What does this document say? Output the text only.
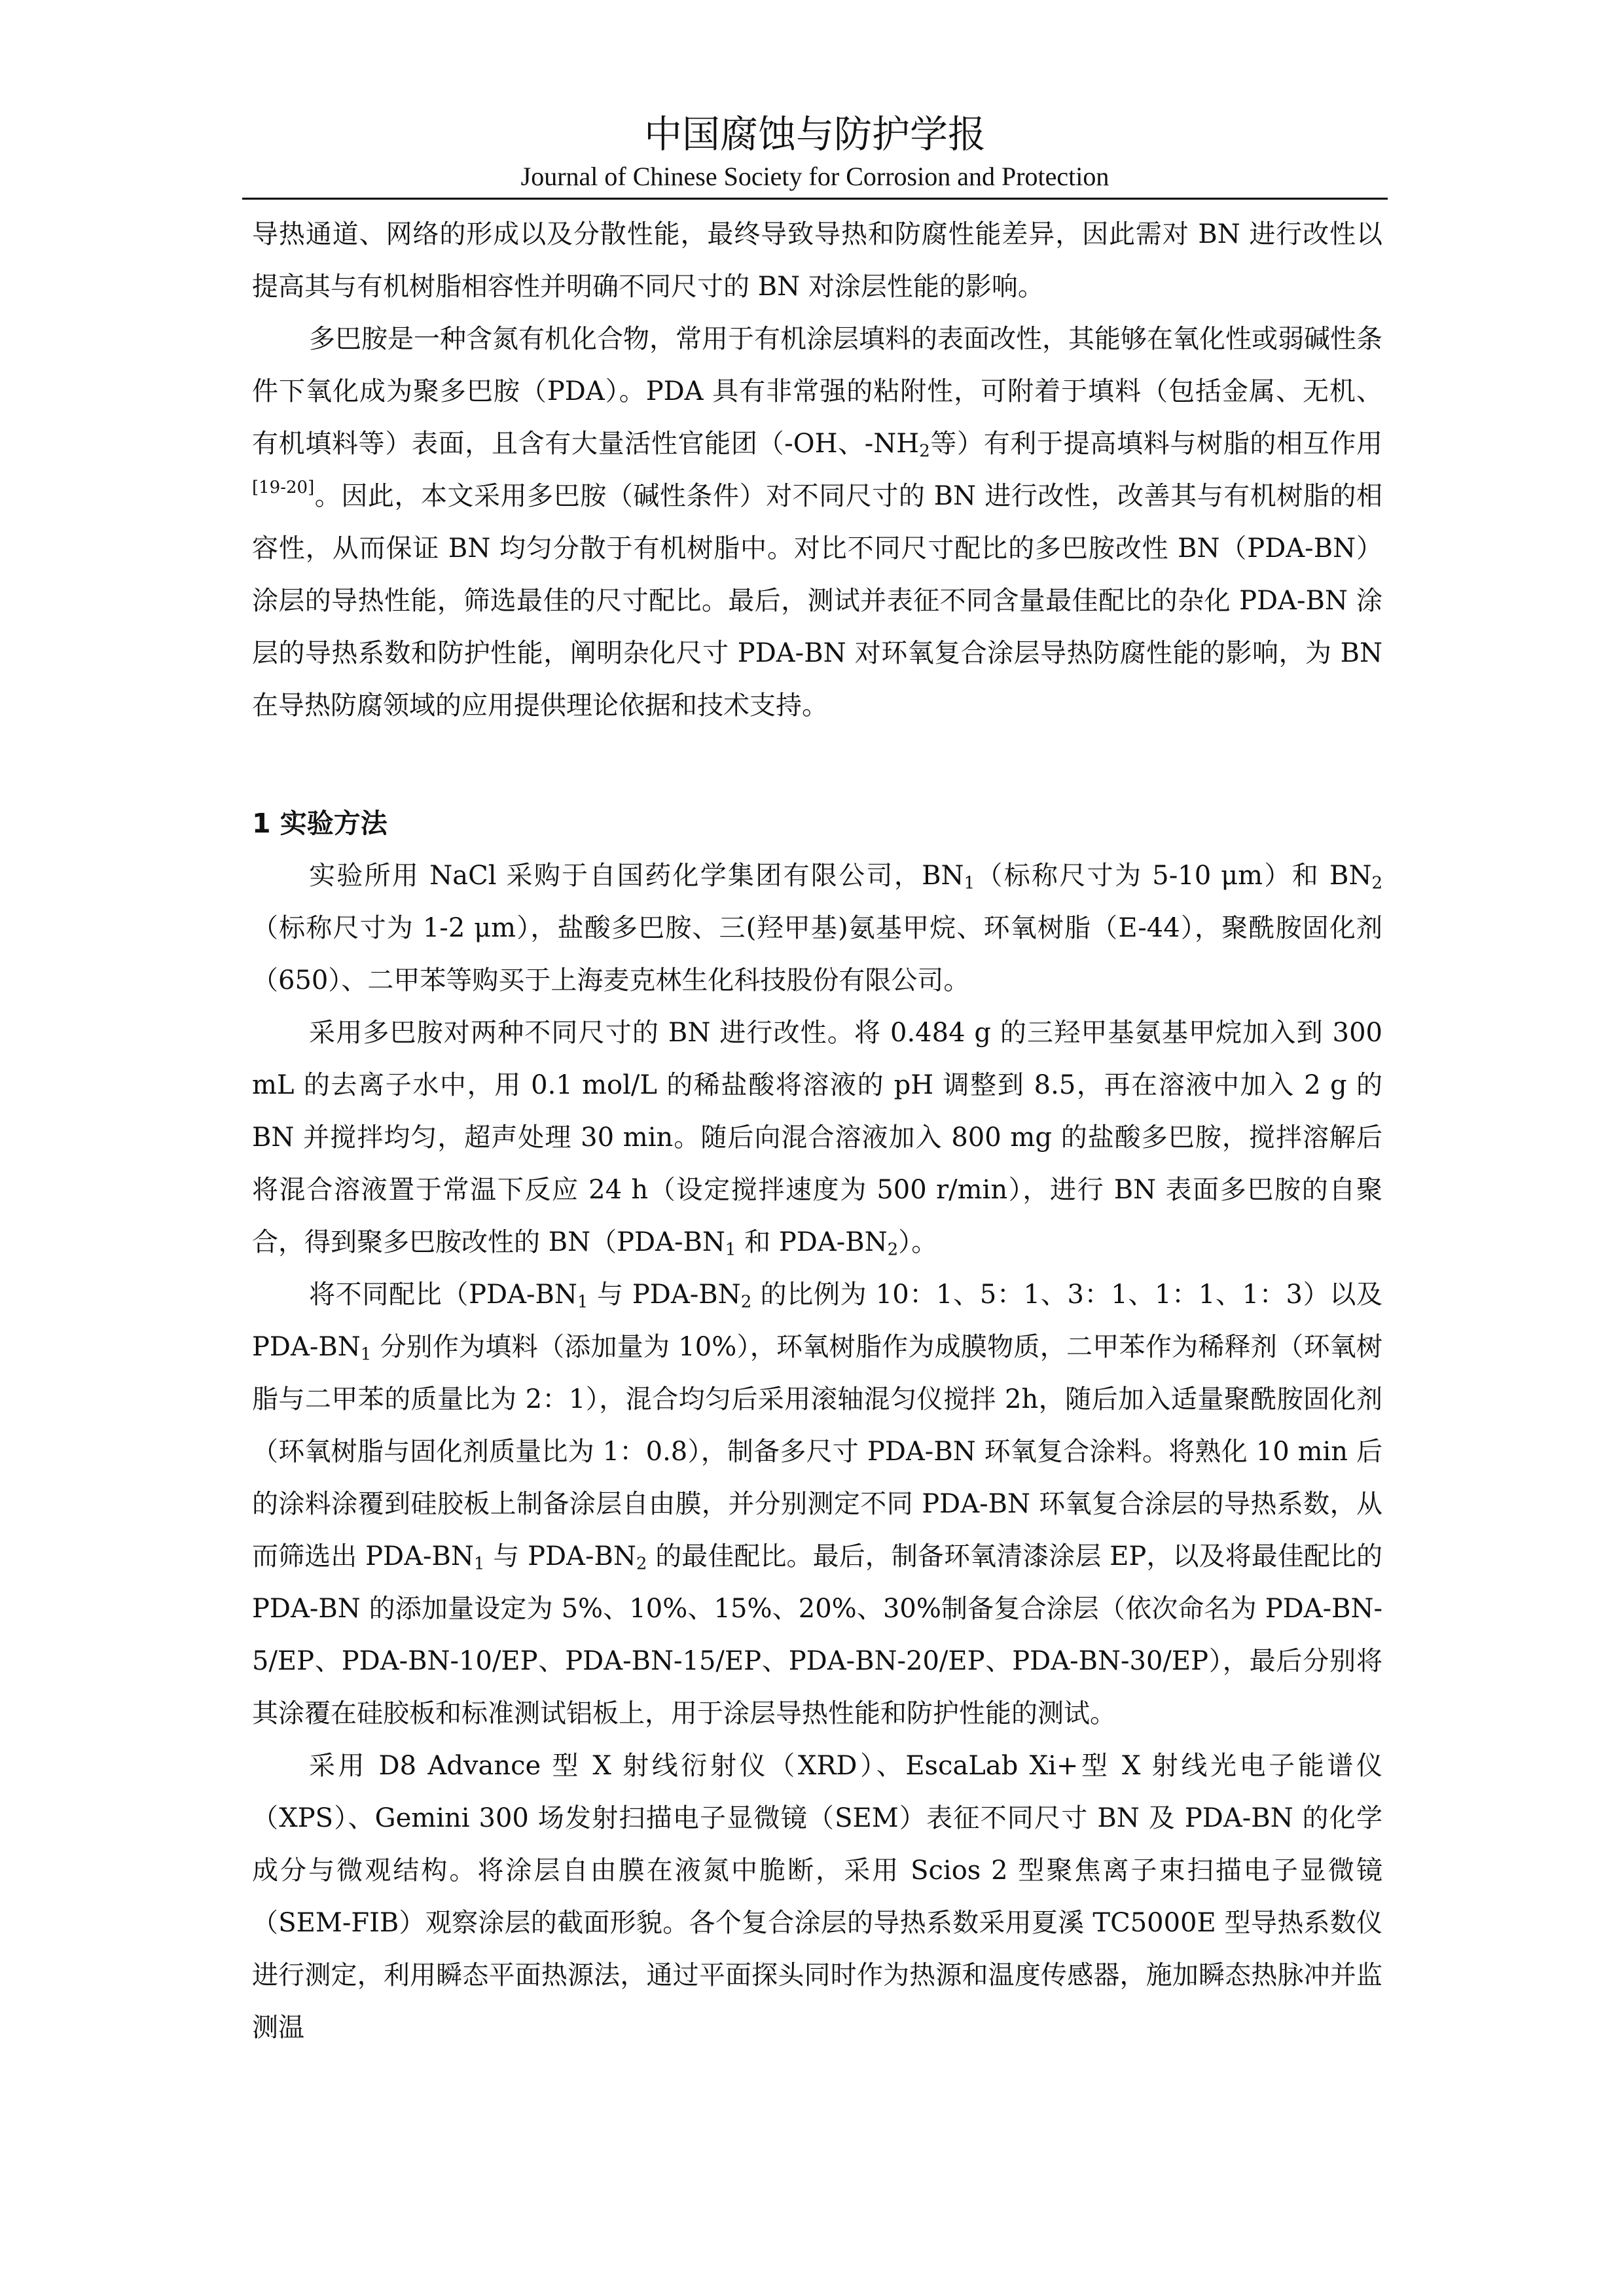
中国腐蚀与防护学报
Journal of Chinese Society for Corrosion and Protection

导热通道、网络的形成以及分散性能，最终导致导热和防腐性能差异，因此需对 BN 进行改性以提高其与有机树脂相容性并明确不同尺寸的 BN 对涂层性能的影响。

多巴胺是一种含氮有机化合物，常用于有机涂层填料的表面改性，其能够在氧化性或弱碱性条件下氧化成为聚多巴胺（PDA）。PDA 具有非常强的粘附性，可附着于填料（包括金属、无机、有机填料等）表面，且含有大量活性官能团（-OH、$-NH_2$等）有利于提高填料与树脂的相互作用[19-20]。因此，本文采用多巴胺（碱性条件）对不同尺寸的 BN 进行改性，改善其与有机树脂的相容性，从而保证 BN 均匀分散于有机树脂中。对比不同尺寸配比的多巴胺改性 BN（PDA-BN）涂层的导热性能，筛选最佳的尺寸配比。最后，测试并表征不同含量最佳配比的杂化 PDA-BN 涂层的导热系数和防护性能，阐明杂化尺寸 PDA-BN 对环氧复合涂层导热防腐性能的影响，为 BN 在导热防腐领域的应用提供理论依据和技术支持。

1 实验方法

实验所用 NaCl 采购于自国药化学集团有限公司，$BN_1$（标称尺寸为 5-10 μm）和 $BN_2$（标称尺寸为 1-2 μm），盐酸多巴胺、三(羟甲基)氨基甲烷、环氧树脂（E-44），聚酰胺固化剂（650）、二甲苯等购买于上海麦克林生化科技股份有限公司。

采用多巴胺对两种不同尺寸的 BN 进行改性。将 0.484 g 的三羟甲基氨基甲烷加入到 300 mL 的去离子水中，用 0.1 mol/L 的稀盐酸将溶液的 pH 调整到 8.5，再在溶液中加入 2 g 的 BN 并搅拌均匀，超声处理 30 min。随后向混合溶液加入 800 mg 的盐酸多巴胺，搅拌溶解后将混合溶液置于常温下反应 24 h（设定搅拌速度为 500 r/min），进行 BN 表面多巴胺的自聚合，得到聚多巴胺改性的 $BN(PDA-BN_1$ 和 PDA-$BN_2$）。

将不同配比（$PDA-BN_1$ 与 PDA-$BN_2$ 的比例为 10：1、5：1、3：1、1：1、1：3）以及 PDA-$BN_1$ 分别作为填料（添加量为 10%），环氧树脂作为成膜物质，二甲苯作为稀释剂（环氧树脂与二甲苯的质量比为 2：1），混合均匀后采用滚轴混匀仪搅拌 2h，随后加入适量聚酰胺固化剂（环氧树脂与固化剂质量比为 1：0.8），制备多尺寸 PDA-BN 环氧复合涂料。将熟化 10 min 后的涂料涂覆到硅胶板上制备涂层自由膜，并分别测定不同 PDA-BN 环氧复合涂层的导热系数，从而筛选出 PDA-$BN_1$ 与 PDA-$BN_2$ 的最佳配比。最后，制备环氧清漆涂层 EP，以及将最佳配比的 PDA-BN 的添加量设定为 5%、10%、15%、20%、30%制备复合涂层（依次命名为 PDA-BN-5/EP、PDA-BN-10/EP、PDA-BN-15/EP、PDA-BN-20/EP、PDA-BN-30/EP），最后分别将其涂覆在硅胶板和标准测试铝板上，用于涂层导热性能和防护性能的测试。

采用 D8 Advance 型 X 射线衍射仪（XRD）、EscaLab Xi+型 X 射线光电子能谱仪（XPS）、Gemini 300 场发射扫描电子显微镜（SEM）表征不同尺寸 BN 及 PDA-BN 的化学成分与微观结构。将涂层自由膜在液氮中脆断，采用 Scios 2 型聚焦离子束扫描电子显微镜（SEM-FIB）观察涂层的截面形貌。各个复合涂层的导热系数采用夏溪 TC5000E 型导热系数仪进行测定，利用瞬态平面热源法，通过平面探头同时作为热源和温度传感器，施加瞬态热脉冲并监测温
